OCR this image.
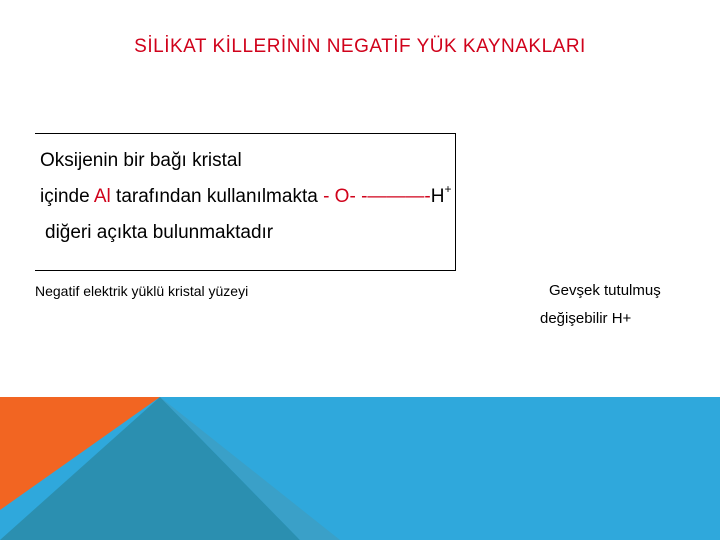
SİLİKAT KİLLERİNİN NEGATİF YÜK KAYNAKLARI
Oksijenin bir bağı kristal
içinde Al tarafından kullanılmakta - O- -———-H+
diğeri açıkta bulunmaktadır
Negatif elektrik yüklü kristal yüzeyi	Gevşek tutulmuş
değişebilir H+
